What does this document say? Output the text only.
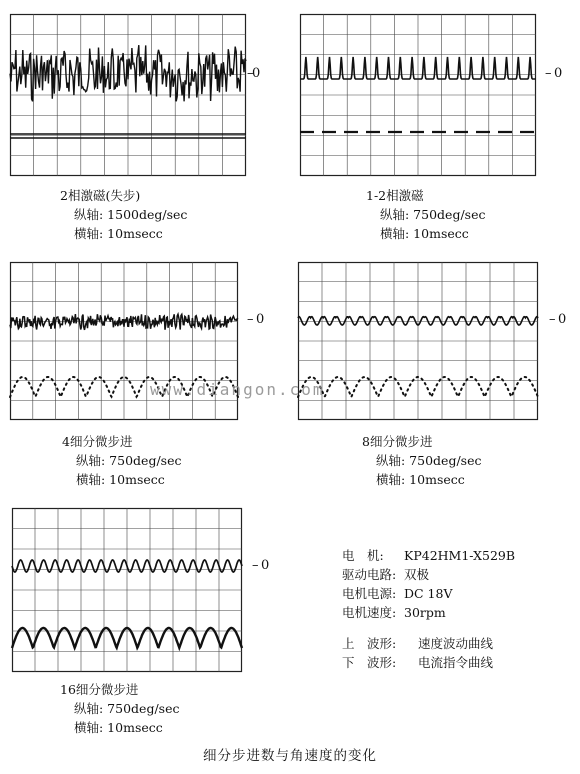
0
–
2相激磁(失步)
纵轴: 1500deg/sec
横轴: 10msecc
– 0
1-2相激磁
纵轴: 750deg/sec
横轴: 10msecc
– 0
4细分微步进
纵轴: 750deg/sec
横轴: 10msecc
– 0
8细分微步进
纵轴: 750deg/sec
横轴: 10msecc
– 0
16细分微步进
纵轴: 750deg/sec
横轴: 10msecc
电　机:	KP42HM1-X529B
驱动电路: 双极
电机电源: DC 18V
电机速度: 30rpm
上　波形:	速度波动曲线
下　波形:	电流指令曲线
www.diangon.com
细分步进数与角速度的变化
